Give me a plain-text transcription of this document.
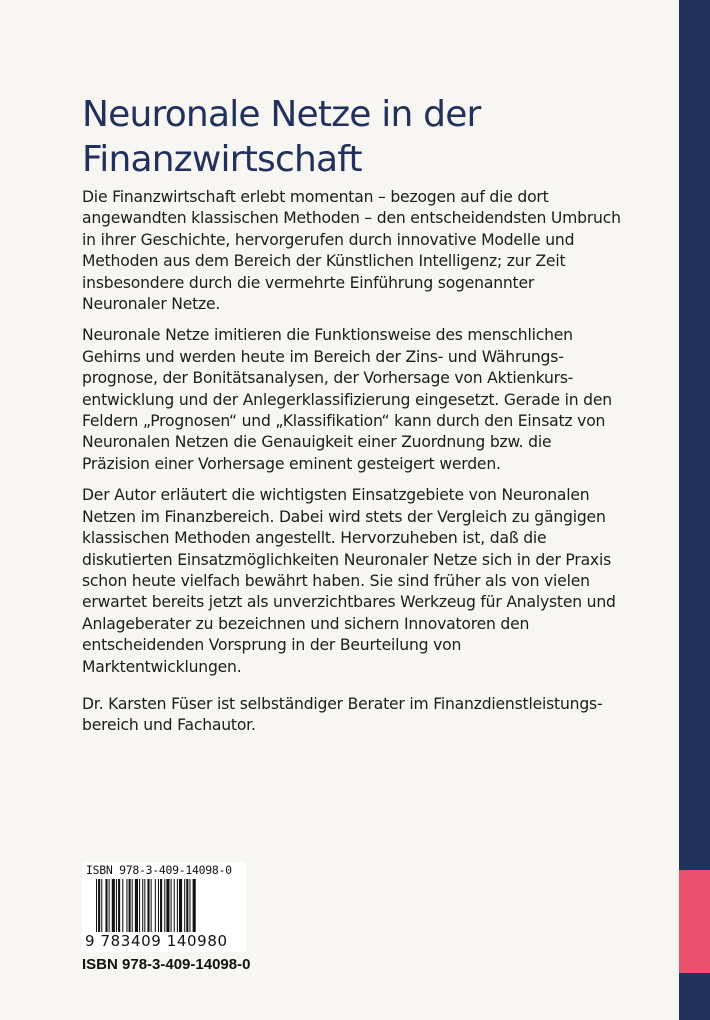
Neuronale Netze in der Finanzwirtschaft

Die Finanzwirtschaft erlebt momentan – bezogen auf die dort angewandten klassischen Methoden – den entscheidendsten Umbruch in ihrer Geschichte, hervorgerufen durch innovative Modelle und Methoden aus dem Bereich der Künstlichen Intelligenz; zur Zeit insbesondere durch die vermehrte Einführung sogenannter Neuronaler Netze.

Neuronale Netze imitieren die Funktionsweise des menschlichen Gehirns und werden heute im Bereich der Zins- und Währungsprognose, der Bonitätsanalysen, der Vorhersage von Aktienkursentwicklung und der Anlegerklassifizierung eingesetzt. Gerade in den Feldern „Prognosen“ und „Klassifikation“ kann durch den Einsatz von Neuronalen Netzen die Genauigkeit einer Zuordnung bzw. die Präzision einer Vorhersage eminent gesteigert werden.

Der Autor erläutert die wichtigsten Einsatzgebiete von Neuronalen Netzen im Finanzbereich. Dabei wird stets der Vergleich zu gängigen klassischen Methoden angestellt. Hervorzuheben ist, daß die diskutierten Einsatzmöglichkeiten Neuronaler Netze sich in der Praxis schon heute vielfach bewährt haben. Sie sind früher als von vielen erwartet bereits jetzt als unverzichtbares Werkzeug für Analysten und Anlageberater zu bezeichnen und sichern Innovatoren den entscheidenden Vorsprung in der Beurteilung von Marktentwicklungen.

Dr. Karsten Füser ist selbständiger Berater im Finanzdienstleistungsbereich und Fachautor.

ISBN 978-3-409-14098-0
9 783409 140980
ISBN 978-3-409-14098-0
